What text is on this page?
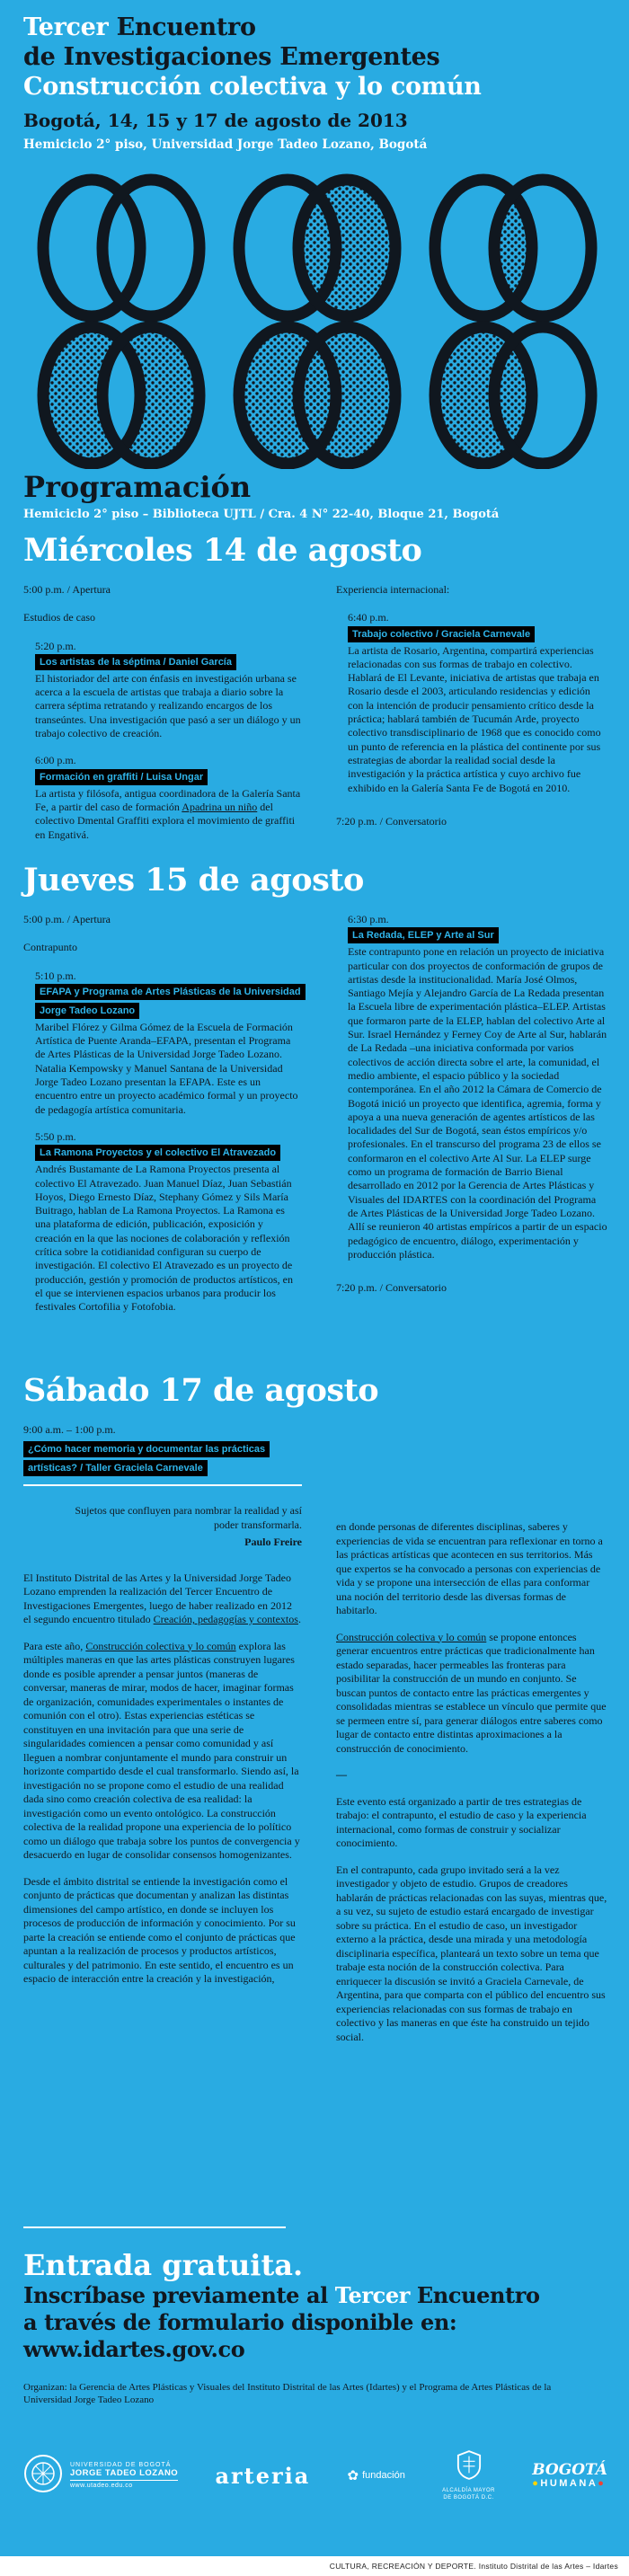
Tercer Encuentro
de Investigaciones Emergentes
Construcción colectiva y lo común
Bogotá, 14, 15 y 17 de agosto de 2013
Hemiciclo 2° piso, Universidad Jorge Tadeo Lozano, Bogotá
Programación
Hemiciclo 2° piso – Biblioteca UJTL / Cra. 4 N° 22-40, Bloque 21, Bogotá
Miércoles 14 de agosto

5:00 p.m. / Apertura

Estudios de caso

5:20 p.m.

Los artistas de la séptima / Daniel García

El historiador del arte con énfasis en investigación urbana se acerca a la escuela de artistas que trabaja a diario sobre la carrera séptima retratando y realizando encargos de los transeúntes. Una investigación que pasó a ser un diálogo y un trabajo colectivo de creación.

6:00 p.m.

Formación en graffiti / Luisa Ungar

La artista y filósofa, antigua coordinadora de la Galería Santa Fe, a partir del caso de formación Apadrina un niño del colectivo Dmental Graffiti explora el movimiento de graffiti en Engativá.

Experiencia internacional:

6:40 p.m.

Trabajo colectivo / Graciela Carnevale

La artista de Rosario, Argentina, compartirá experiencias relacionadas con sus formas de trabajo en colectivo. Hablará de El Levante, iniciativa de artistas que trabaja en Rosario desde el 2003, articulando residencias y edición con la intención de producir pensamiento crítico desde la práctica; hablará también de Tucumán Arde, proyecto colectivo transdisciplinario de 1968 que es conocido como un punto de referencia en la plástica del continente por sus estrategias de abordar la realidad social desde la investigación y la práctica artística y cuyo archivo fue exhibido en la Galería Santa Fe de Bogotá en 2010.

7:20 p.m. / Conversatorio

Jueves 15 de agosto

5:00 p.m. / Apertura

Contrapunto

5:10 p.m.

EFAPA y Programa de Artes Plásticas de la Universidad Jorge Tadeo Lozano

Maribel Flórez y Gilma Gómez de la Escuela de Formación Artística de Puente Aranda–EFAPA, presentan el Programa de Artes Plásticas de la Universidad Jorge Tadeo Lozano. Natalia Kempowsky y Manuel Santana de la Universidad Jorge Tadeo Lozano presentan la EFAPA. Este es un encuentro entre un proyecto académico formal y un proyecto de pedagogía artística comunitaria.

5:50 p.m.

La Ramona Proyectos y el colectivo El Atravezado

Andrés Bustamante de La Ramona Proyectos presenta al colectivo El Atravezado. Juan Manuel Díaz, Juan Sebastián Hoyos, Diego Ernesto Díaz, Stephany Gómez y Sils María Buitrago, hablan de La Ramona Proyectos. La Ramona es una plataforma de edición, publicación, exposición y creación en la que las nociones de colaboración y reflexión crítica sobre la cotidianidad configuran su cuerpo de investigación. El colectivo El Atravezado es un proyecto de producción, gestión y promoción de productos artísticos, en el que se intervienen espacios urbanos para producir los festivales Cortofilia y Fotofobia.

6:30 p.m.

La Redada, ELEP y Arte al Sur

Este contrapunto pone en relación un proyecto de iniciativa particular con dos proyectos de conformación de grupos de artistas desde la institucionalidad. María José Olmos, Santiago Mejía y Alejandro García de La Redada presentan la Escuela libre de experimentación plástica–ELEP. Artistas que formaron parte de la ELEP, hablan del colectivo Arte al Sur. Israel Hernández y Ferney Coy de Arte al Sur, hablarán de La Redada –una iniciativa conformada por varios colectivos de acción directa sobre el arte, la comunidad, el medio ambiente, el espacio público y la sociedad contemporánea. En el año 2012 la Cámara de Comercio de Bogotá inició un proyecto que identifica, agremia, forma y apoya a una nueva generación de agentes artísticos de las localidades del Sur de Bogotá, sean éstos empíricos y/o profesionales. En el transcurso del programa 23 de ellos se conformaron en el colectivo Arte Al Sur. La ELEP surge como un programa de formación de Barrio Bienal desarrollado en 2012 por la Gerencia de Artes Plásticas y Visuales del IDARTES con la coordinación del Programa de Artes Plásticas de la Universidad Jorge Tadeo Lozano. Allí se reunieron 40 artistas empíricos a partir de un espacio pedagógico de encuentro, diálogo, experimentación y producción plástica.

7:20 p.m. / Conversatorio

Sábado 17 de agosto

9:00 a.m. – 1:00 p.m.

¿Cómo hacer memoria y documentar las prácticas artísticas? / Taller Graciela Carnevale

Sujetos que confluyen para nombrar la realidad y así poder transformarla.

Paulo Freire

El Instituto Distrital de las Artes y la Universidad Jorge Tadeo Lozano emprenden la realización del Tercer Encuentro de Investigaciones Emergentes, luego de haber realizado en 2012 el segundo encuentro titulado Creación, pedagogías y contextos.

Para este año, Construcción colectiva y lo común explora las múltiples maneras en que las artes plásticas construyen lugares donde es posible aprender a pensar juntos (maneras de conversar, maneras de mirar, modos de hacer, imaginar formas de organización, comunidades experimentales o instantes de comunión con el otro). Estas experiencias estéticas se constituyen en una invitación para que una serie de singularidades comiencen a pensar como comunidad y así lleguen a nombrar conjuntamente el mundo para construir un horizonte compartido desde el cual transformarlo. Siendo así, la investigación no se propone como el estudio de una realidad dada sino como creación colectiva de esa realidad: la investigación como un evento ontológico. La construcción colectiva de la realidad propone una experiencia de lo político como un diálogo que trabaja sobre los puntos de convergencia y desacuerdo en lugar de consolidar consensos homogenizantes.

Desde el ámbito distrital se entiende la investigación como el conjunto de prácticas que documentan y analizan las distintas dimensiones del campo artístico, en donde se incluyen los procesos de producción de información y conocimiento. Por su parte la creación se entiende como el conjunto de prácticas que apuntan a la realización de procesos y productos artísticos, culturales y del patrimonio. En este sentido, el encuentro es un espacio de interacción entre la creación y la investigación,

en donde personas de diferentes disciplinas, saberes y experiencias de vida se encuentran para reflexionar en torno a las prácticas artísticas que acontecen en sus territorios. Más que expertos se ha convocado a personas con experiencias de vida y se propone una intersección de ellas para conformar una noción del territorio desde las diversas formas de habitarlo.

Construcción colectiva y lo común se propone entonces generar encuentros entre prácticas que tradicionalmente han estado separadas, hacer permeables las fronteras para posibilitar la construcción de un mundo en conjunto. Se buscan puntos de contacto entre las prácticas emergentes y consolidadas mientras se establece un vínculo que permite que se permeen entre sí, para generar diálogos entre saberes como lugar de contacto entre distintas aproximaciones a la construcción de conocimiento.

—

Este evento está organizado a partir de tres estrategias de trabajo: el contrapunto, el estudio de caso y la experiencia internacional, como formas de construir y socializar conocimiento.

En el contrapunto, cada grupo invitado será a la vez investigador y objeto de estudio. Grupos de creadores hablarán de prácticas relacionadas con las suyas, mientras que, a su vez, su sujeto de estudio estará encargado de investigar sobre su práctica. En el estudio de caso, un investigador externo a la práctica, desde una mirada y una metodología disciplinaria específica, planteará un texto sobre un tema que trabaje esta noción de la construcción colectiva. Para enriquecer la discusión se invitó a Graciela Carnevale, de Argentina, para que comparta con el público del encuentro sus experiencias relacionadas con sus formas de trabajo en colectivo y las maneras en que éste ha construido un tejido social.

Entrada gratuita.
Inscríbase previamente al Tercer Encuentro
a través de formulario disponible en:
www.idartes.gov.co

Organizan: la Gerencia de Artes Plásticas y Visuales del Instituto Distrital de las Artes (Idartes) y el Programa de Artes Plásticas de la Universidad Jorge Tadeo Lozano

UNIVERSIDAD DE BOGOTÁ
JORGE TADEO LOZANO
www.utadeo.edu.co	arteria	✿ fundación
ALCALDÍA MAYOR
DE BOGOTÁ D.C.
BOGOTÁ
●HUMANA●
CULTURA, RECREACIÓN Y DEPORTE. Instituto Distrital de las Artes – Idartes
